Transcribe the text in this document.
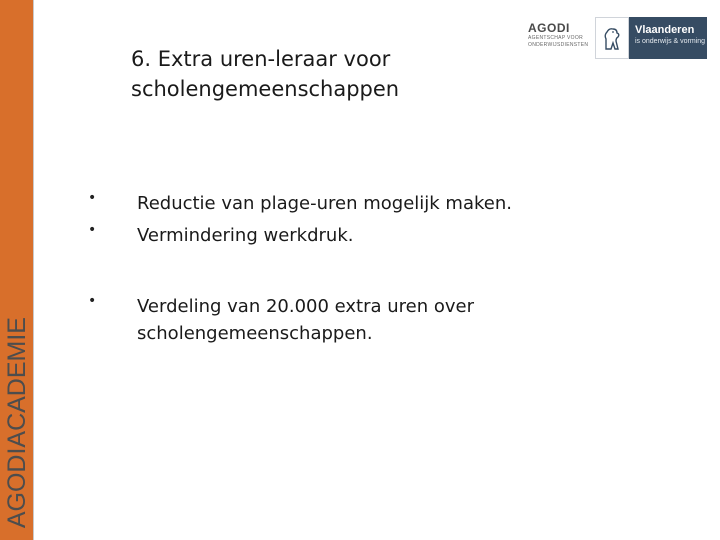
AGODIACADEMIE
AGODI
AGENTSCHAP VOOR ONDERWIJSDIENSTEN
Vlaanderen
is onderwijs & vorming
6. Extra uren-leraar voor scholengemeenschappen
• Reductie van plage-uren mogelijk maken.
• Vermindering werkdruk.
• Verdeling van 20.000 extra uren over scholengemeenschappen.
